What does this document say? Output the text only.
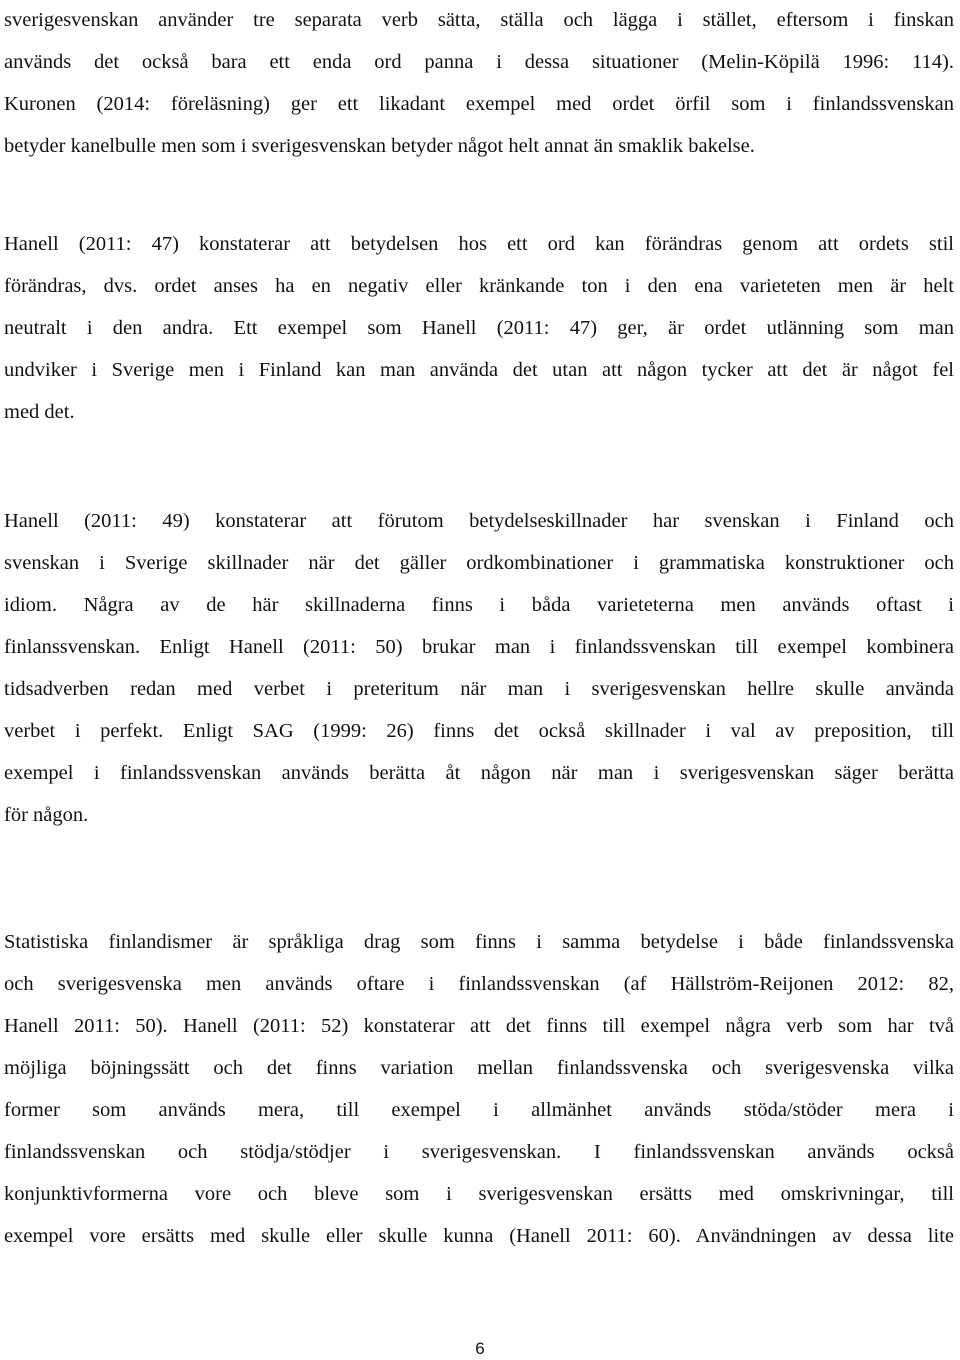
sverigesvenskan använder tre separata verb sätta, ställa och lägga i stället, eftersom i finskan
används det också bara ett enda ord panna i dessa situationer (Melin-Köpilä 1996: 114).
Kuronen (2014: föreläsning) ger ett likadant exempel med ordet örfil som i finlandssvenskan
betyder kanelbulle men som i sverigesvenskan betyder något helt annat än smaklik bakelse.
Hanell (2011: 47) konstaterar att betydelsen hos ett ord kan förändras genom att ordets stil
förändras, dvs. ordet anses ha en negativ eller kränkande ton i den ena varieteten men är helt
neutralt i den andra. Ett exempel som Hanell (2011: 47) ger, är ordet utlänning som man
undviker i Sverige men i Finland kan man använda det utan att någon tycker att det är något fel
med det.
Hanell (2011: 49) konstaterar att förutom betydelseskillnader har svenskan i Finland och
svenskan i Sverige skillnader när det gäller ordkombinationer i grammatiska konstruktioner och
idiom. Några av de här skillnaderna finns i båda varieteterna men används oftast i
finlanssvenskan. Enligt Hanell (2011: 50) brukar man i finlandssvenskan till exempel kombinera
tidsadverben redan med verbet i preteritum när man i sverigesvenskan hellre skulle använda
verbet i perfekt. Enligt SAG (1999: 26) finns det också skillnader i val av preposition, till
exempel i finlandssvenskan används berätta åt någon när man i sverigesvenskan säger berätta
för någon.
Statistiska finlandismer är språkliga drag som finns i samma betydelse i både finlandssvenska
och sverigesvenska men används oftare i finlandssvenskan (af Hällström-Reijonen 2012: 82,
Hanell 2011: 50). Hanell (2011: 52) konstaterar att det finns till exempel några verb som har två
möjliga böjningssätt och det finns variation mellan finlandssvenska och sverigesvenska vilka
former som används mera, till exempel i allmänhet används stöda/stöder mera i
finlandssvenskan och stödja/stödjer i sverigesvenskan. I finlandssvenskan används också
konjunktivformerna vore och bleve som i sverigesvenskan ersätts med omskrivningar, till
exempel vore ersätts med skulle eller skulle kunna (Hanell 2011: 60). Användningen av dessa lite
6
